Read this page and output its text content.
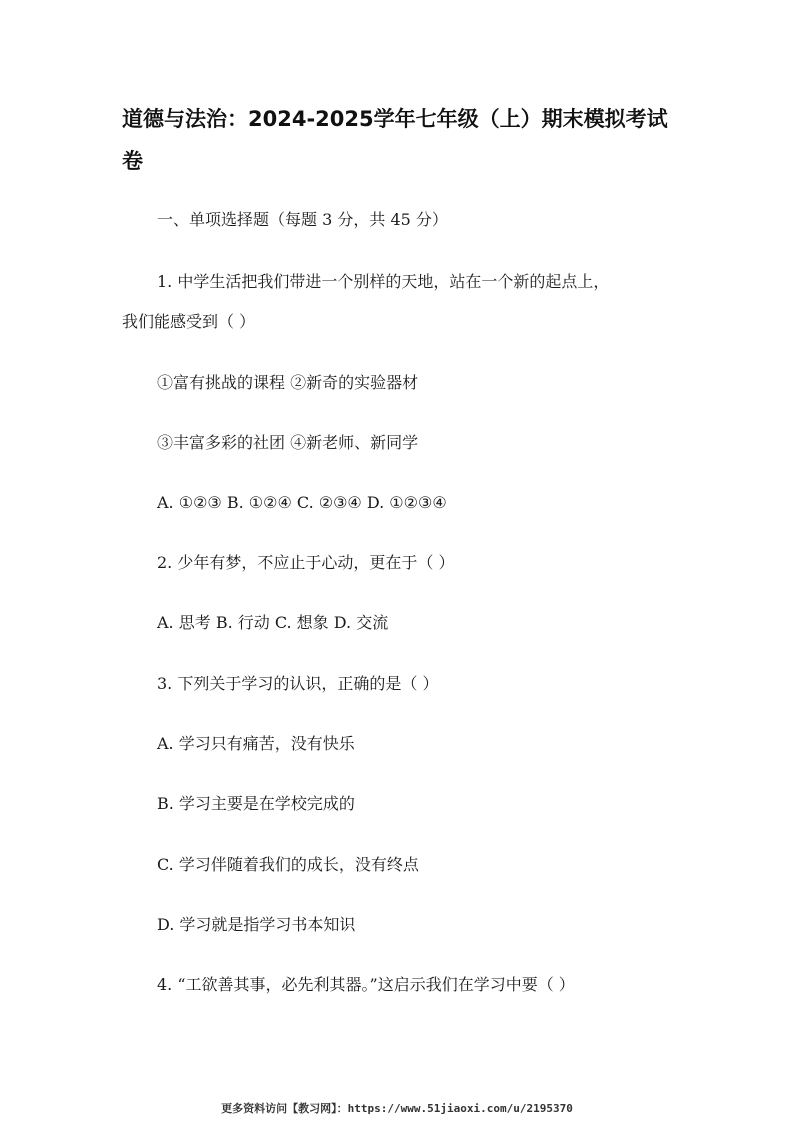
道德与法治：2024-2025学年七年级（上）期末模拟考试卷
一、单项选择题（每题 3 分，共 45 分）
1. 中学生活把我们带进一个别样的天地，站在一个新的起点上，
我们能感受到（ ）
①富有挑战的课程 ②新奇的实验器材
③丰富多彩的社团 ④新老师、新同学
A. ①②③ B. ①②④ C. ②③④ D. ①②③④
2. 少年有梦，不应止于心动，更在于（ ）
A. 思考 B. 行动 C. 想象 D. 交流
3. 下列关于学习的认识，正确的是（ ）
A. 学习只有痛苦，没有快乐
B. 学习主要是在学校完成的
C. 学习伴随着我们的成长，没有终点
D. 学习就是指学习书本知识
4. “工欲善其事，必先利其器。”这启示我们在学习中要（ ）
更多资料访问【教习网】：https://www.51jiaoxi.com/u/2195370
